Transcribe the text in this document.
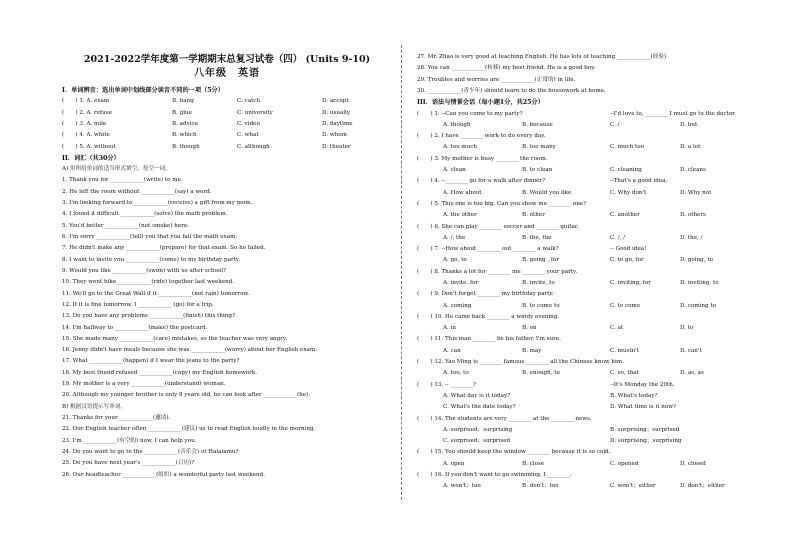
2021-2022学年度第一学期期末总复习试卷（四） (Units 9-10)
八年级　英语
I．单词辨音：选出单词中划线部分读音不同的一项（5分）
(　　) 1. A. exam	B. hang	C. catch	D. accept
(　　) 2. A. refuse	B. glue	C. university	D. usually
(　　) 3. A. mile	B. advice	C. video	D. daytime
(　　) 4. A. white	B. which	C. what	D. whom
(　　) 5. A. without	B. though	C. although	D. theater
II．词汇（共30分）
A) 用所给单词的适当形式填空，每空一词。
1. Thank you for ____________(write) to me.
2. He left the room without ____________(say) a word.
3. I'm looking forward to ____________(receive) a gift from my mom.
4. I found it difficult ____________(solve) the math problem.
5. You'd better ____________(not smoke) here.
6. I'm sorry ____________(tell) you that you fail the math exam.
7. He didn't make any ____________(prepare) for that exam. So he failed.
8. I want to invite you ____________(come) to my birthday party.
9. Would you like ____________(swim) with us after school?
10. They went bike ____________(ride) together last weekend.
11. We'll go to the Great Wall if it ____________(not rain) tomorrow.
12. If it is fine tomorrow, I ____________ (go) for a trip.
13. Do you have any problems ____________(finish) this thing?
14. I'm halfway to ____________(make) the postcard.
15. She made many ____________(care) mistakes, so the teacher was very angry.
16. Jenny didn't have meals because she was ____________(worry) about her English exam.
17. What ____________(happen) if I wear the jeans to the party?
18. My best friend refused ____________(copy) my English homework.
19. My mother is a very ____________(understand) woman.
20. Although my younger brother is only 8 years old, he can look after ____________(he).
B) 根据汉语提示写单词。
21. Thanks for your ____________(邀请).
22. Our English teacher often ____________(建议) us to read English loudly in the morning.
23. I'm ____________(有空的) now, I can help you.
24. Do you want to go to the ____________(音乐会) of Halaiamu?
25. Do you have next year's ____________(日历)?
26. Our headteacher ____________(组织) a wonderful party last weekend.
27. Mr. Zhao is very good at teaching English. He has lots of teaching ____________(经验)
28. You can ____________(转移) my best friend. He is a good boy.
29. Troubles and worries are ____________(正常的) in life.
30. ____________(青少年) should learn to do the housework at home.
III．语法与情景会话（每小题1分，共25分）
(　　) 1. --Can you come to my party?	--I'd love to, ________ I must go to the doctor.
A. though	B. because	C. /	D. but
(　　) 2. I have ________ work to do every day.
A. too much	B. too many	C. much too	D. a lot
(　　) 3. My mother is busy ________ the room.
A. clean	B. to clean	C. cleaning	D. cleans
(　　) 4. --________ go for a walk after dinner?	--That's a good idea.
A. How about	B. Would you like	C. Why don't	D. Why not
(　　) 5. This one is too big. Can you show me ________ one?
A. the other	B. other	C. another	D. others
(　　) 6. She can play ________ soccer and ________ guitar.
A. /, the	B. the, the	C. /, /	D. the, /
(　　) 7. --How about ________ out ________ a walk?	-- Good idea!
A. go, to	B. going , for	C. to go, for	D. going, to
(　　) 8. Thanks a lot for ________ me ________ your party.
A. invite, for	B. invite, to	C. inviting, for	D. inviting, to
(　　) 9. Don't forget ________ my birthday party.
A. coming	B. to come to	C. to come	D. coming to
(　　) 10. He came back ________ a windy evening.
A. in	B. on	C. at	D. to
(　　) 11. This man ________ be his father, I'm sure.
A. can	B. may	C. mustn't	D. can't
(　　) 12. Yao Ming is ________ famous ________ all the Chinese know him.
A. too, to	B. enough, to	C. so, that	D. as, as
(　　) 13. -- ________?	--It's Monday the 20th.
A. What day is it today?	B. What's today?
C. What's the date today?	D. What time is it now?
(　　) 14. The students are very ________ at the ________ news.
A. surprised；surprising	B. surprising；surprised
C. surprised；surprised	D. surprising；surprising
(　　) 15. You should keep the window ________ because it is so cold.
A. open	B. close	C. opened	D. closed
(　　) 16. If you don't want to go swimming, I ________.
A. won't；too	B. don't；too	C. won't；either	D. don't；either
